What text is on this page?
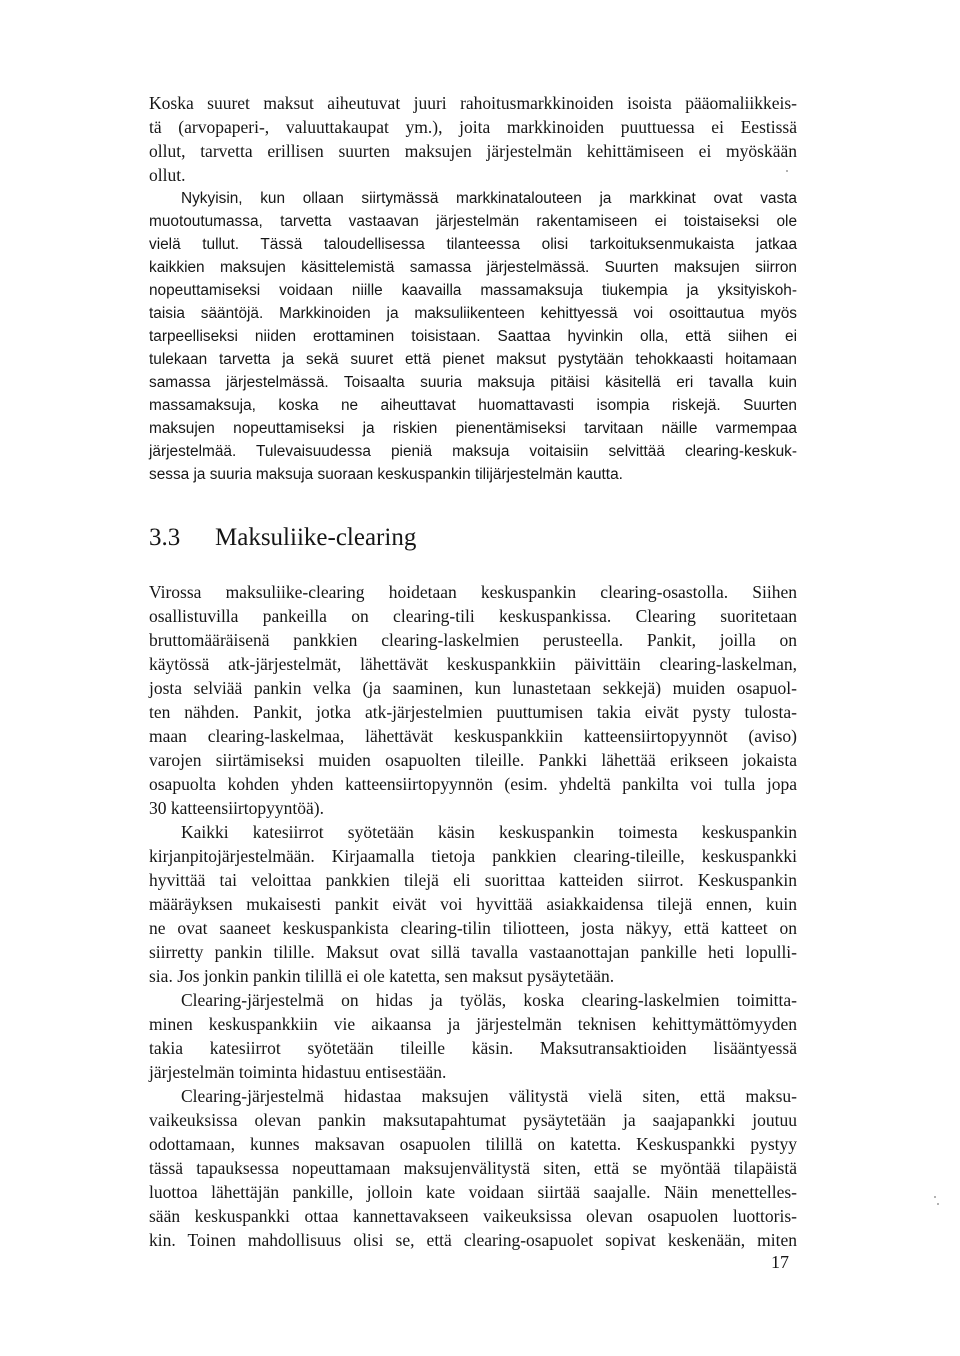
Koska suuret maksut aiheutuvat juuri rahoitusmarkkinoiden isoista pääomaliikkeis-
tä (arvopaperi-, valuuttakaupat ym.), joita markkinoiden puuttuessa ei Eestissä
ollut, tarvetta erillisen suurten maksujen järjestelmän kehittämiseen ei myöskään
ollut.
Nykyisin, kun ollaan siirtymässä markkinatalouteen ja markkinat ovat vasta
muotoutumassa, tarvetta vastaavan järjestelmän rakentamiseen ei toistaiseksi ole
vielä tullut. Tässä taloudellisessa tilanteessa olisi tarkoituksenmukaista jatkaa
kaikkien maksujen käsittelemistä samassa järjestelmässä. Suurten maksujen siirron
nopeuttamiseksi voidaan niille kaavailla massamaksuja tiukempia ja yksityiskoh-
taisia sääntöjä. Markkinoiden ja maksuliikenteen kehittyessä voi osoittautua myös
tarpeelliseksi niiden erottaminen toisistaan. Saattaa hyvinkin olla, että siihen ei
tulekaan tarvetta ja sekä suuret että pienet maksut pystytään tehokkaasti hoitamaan
samassa järjestelmässä. Toisaalta suuria maksuja pitäisi käsitellä eri tavalla kuin
massamaksuja, koska ne aiheuttavat huomattavasti isompia riskejä. Suurten
maksujen nopeuttamiseksi ja riskien pienentämiseksi tarvitaan näille varmempaa
järjestelmää. Tulevaisuudessa pieniä maksuja voitaisiin selvittää clearing-keskuk-
sessa ja suuria maksuja suoraan keskuspankin tilijärjestelmän kautta.
3.3 Maksuliike-clearing
Virossa maksuliike-clearing hoidetaan keskuspankin clearing-osastolla. Siihen
osallistuvilla pankeilla on clearing-tili keskuspankissa. Clearing suoritetaan
bruttomääräisenä pankkien clearing-laskelmien perusteella. Pankit, joilla on
käytössä atk-järjestelmät, lähettävät keskuspankkiin päivittäin clearing-laskelman,
josta selviää pankin velka (ja saaminen, kun lunastetaan sekkejä) muiden osapuol-
ten nähden. Pankit, jotka atk-järjestelmien puuttumisen takia eivät pysty tulosta-
maan clearing-laskelmaa, lähettävät keskuspankkiin katteensiirtopyynnöt (aviso)
varojen siirtämiseksi muiden osapuolten tileille. Pankki lähettää erikseen jokaista
osapuolta kohden yhden katteensiirtopyynnön (esim. yhdeltä pankilta voi tulla jopa
30 katteensiirtopyyntöä).
Kaikki katesiirrot syötetään käsin keskuspankin toimesta keskuspankin
kirjanpitojärjestelmään. Kirjaamalla tietoja pankkien clearing-tileille, keskuspankki
hyvittää tai veloittaa pankkien tilejä eli suorittaa katteiden siirrot. Keskuspankin
määräyksen mukaisesti pankit eivät voi hyvittää asiakkaidensa tilejä ennen, kuin
ne ovat saaneet keskuspankista clearing-tilin tiliotteen, josta näkyy, että katteet on
siirretty pankin tilille. Maksut ovat sillä tavalla vastaanottajan pankille heti lopulli-
sia. Jos jonkin pankin tilillä ei ole katetta, sen maksut pysäytetään.
Clearing-järjestelmä on hidas ja työläs, koska clearing-laskelmien toimitta-
minen keskuspankkiin vie aikaansa ja järjestelmän teknisen kehittymättömyyden
takia katesiirrot syötetään tileille käsin. Maksutransaktioiden lisääntyessä
järjestelmän toiminta hidastuu entisestään.
Clearing-järjestelmä hidastaa maksujen välitystä vielä siten, että maksu-
vaikeuksissa olevan pankin maksutapahtumat pysäytetään ja saajapankki joutuu
odottamaan, kunnes maksavan osapuolen tilillä on katetta. Keskuspankki pystyy
tässä tapauksessa nopeuttamaan maksujenvälitystä siten, että se myöntää tilapäistä
luottoa lähettäjän pankille, jolloin kate voidaan siirtää saajalle. Näin menettelles-
sään keskuspankki ottaa kannettavakseen vaikeuksissa olevan osapuolen luottoris-
kin. Toinen mahdollisuus olisi se, että clearing-osapuolet sopivat keskenään, miten
17
